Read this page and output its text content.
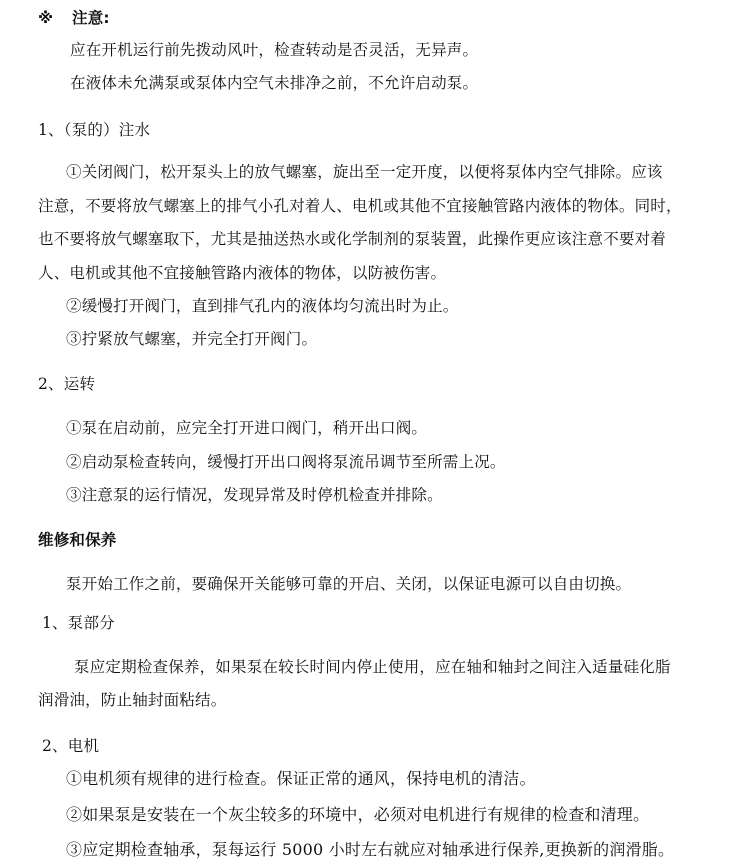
※ 注意:
应在开机运行前先拨动风叶，检查转动是否灵活，无异声。
在液体未允满泵或泵体内空气未排净之前，不允许启动泵。
1、（泵的）注水
①关闭阀门，松开泵头上的放气螺塞，旋出至一定开度，以便将泵体内空气排除。应该
注意，不要将放气螺塞上的排气小孔对着人、电机或其他不宜接触管路内液体的物体。同时，
也不要将放气螺塞取下，尤其是抽送热水或化学制剂的泵装置，此操作更应该注意不要对着
人、电机或其他不宜接触管路内液体的物体，以防被伤害。
②缓慢打开阀门，直到排气孔内的液体均匀流出时为止。
③拧紧放气螺塞，并完全打开阀门。
2、运转
①泵在启动前，应完全打开进口阀门，稍开出口阀。
②启动泵检查转向，缓慢打开出口阀将泵流吊调节至所需上况。
③注意泵的运行情况，发现异常及时停机检查并排除。
维修和保养
泵开始工作之前，要确保开关能够可靠的开启、关闭，以保证电源可以自由切换。
1、泵部分
泵应定期检查保养，如果泵在较长时间内停止使用，应在轴和轴封之间注入适量硅化脂
润滑油，防止轴封面粘结。
2、电机
①电机须有规律的进行检查。保证正常的通风，保持电机的清洁。
②如果泵是安装在一个灰尘较多的环境中，必须对电机进行有规律的检查和清理。
③应定期检查轴承，泵每运行 5000 小时左右就应对轴承进行保养,更换新的润滑脂。
